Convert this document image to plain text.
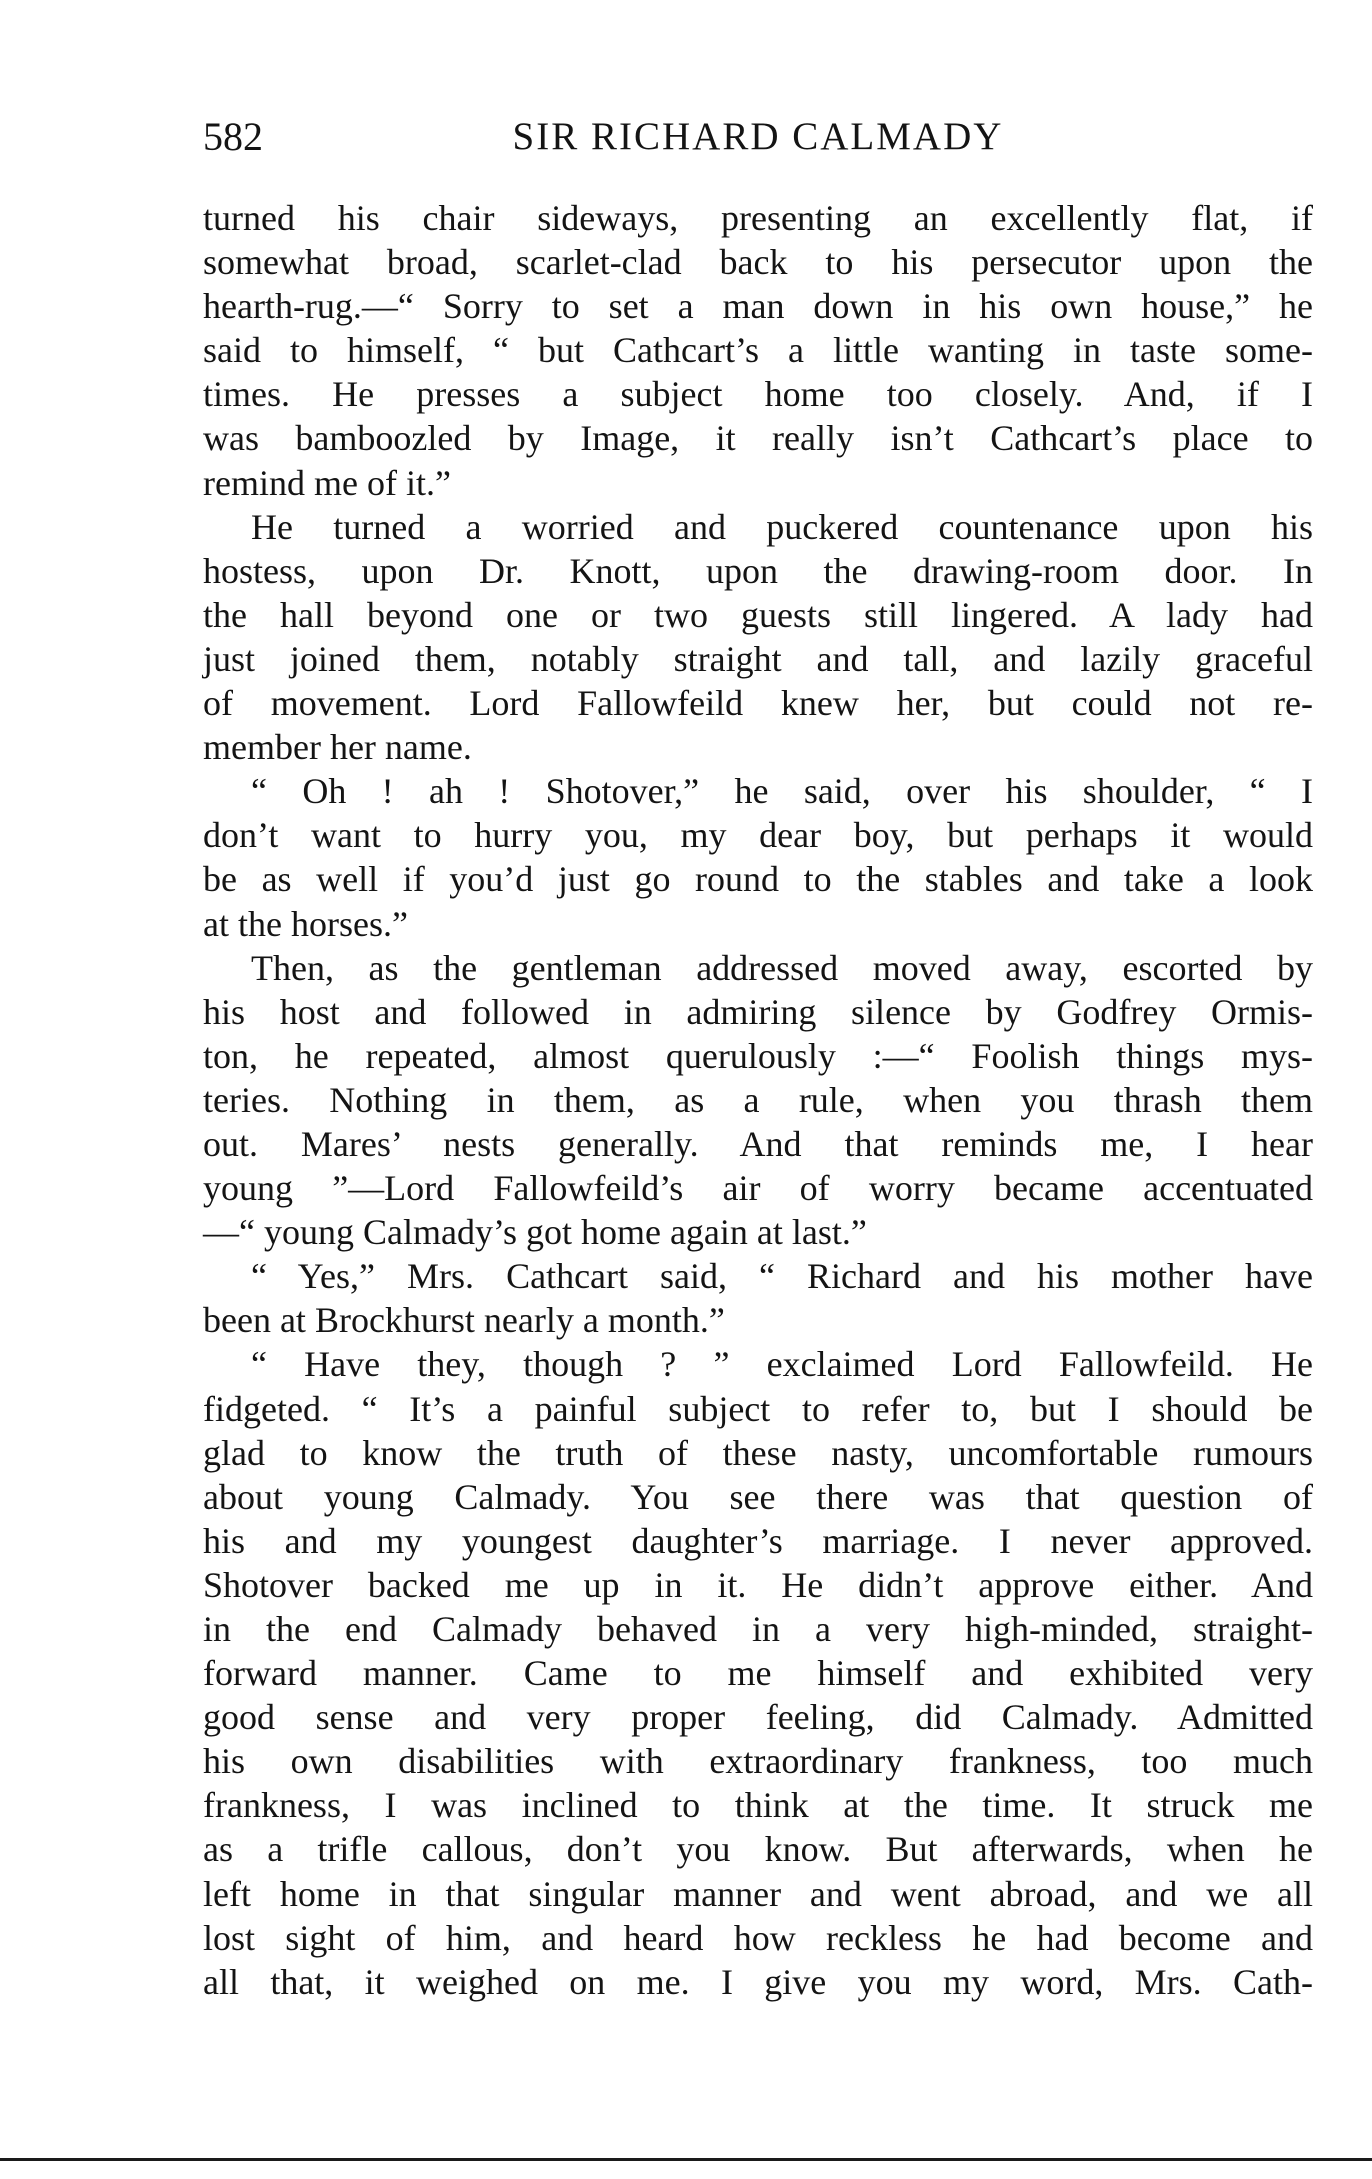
582	SIR RICHARD CALMADY
turned his chair sideways, presenting an excellently flat, if
somewhat broad, scarlet-clad back to his persecutor upon the
hearth-rug.—“ Sorry to set a man down in his own house,” he
said to himself, “ but Cathcart’s a little wanting in taste some-
times. He presses a subject home too closely. And, if I
was bamboozled by Image, it really isn’t Cathcart’s place to
remind me of it.”
He turned a worried and puckered countenance upon his
hostess, upon Dr. Knott, upon the drawing-room door. In
the hall beyond one or two guests still lingered. A lady had
just joined them, notably straight and tall, and lazily graceful
of movement. Lord Fallowfeild knew her, but could not re-
member her name.
“ Oh ! ah ! Shotover,” he said, over his shoulder, “ I
don’t want to hurry you, my dear boy, but perhaps it would
be as well if you’d just go round to the stables and take a look
at the horses.”
Then, as the gentleman addressed moved away, escorted by
his host and followed in admiring silence by Godfrey Ormis-
ton, he repeated, almost querulously :—“ Foolish things mys-
teries. Nothing in them, as a rule, when you thrash them
out. Mares’ nests generally. And that reminds me, I hear
young ”—Lord Fallowfeild’s air of worry became accentuated
—“ young Calmady’s got home again at last.”
“ Yes,” Mrs. Cathcart said, “ Richard and his mother have
been at Brockhurst nearly a month.”
“ Have they, though ? ” exclaimed Lord Fallowfeild. He
fidgeted. “ It’s a painful subject to refer to, but I should be
glad to know the truth of these nasty, uncomfortable rumours
about young Calmady. You see there was that question of
his and my youngest daughter’s marriage. I never approved.
Shotover backed me up in it. He didn’t approve either. And
in the end Calmady behaved in a very high-minded, straight-
forward manner. Came to me himself and exhibited very
good sense and very proper feeling, did Calmady. Admitted
his own disabilities with extraordinary frankness, too much
frankness, I was inclined to think at the time. It struck me
as a trifle callous, don’t you know. But afterwards, when he
left home in that singular manner and went abroad, and we all
lost sight of him, and heard how reckless he had become and
all that, it weighed on me. I give you my word, Mrs. Cath-
